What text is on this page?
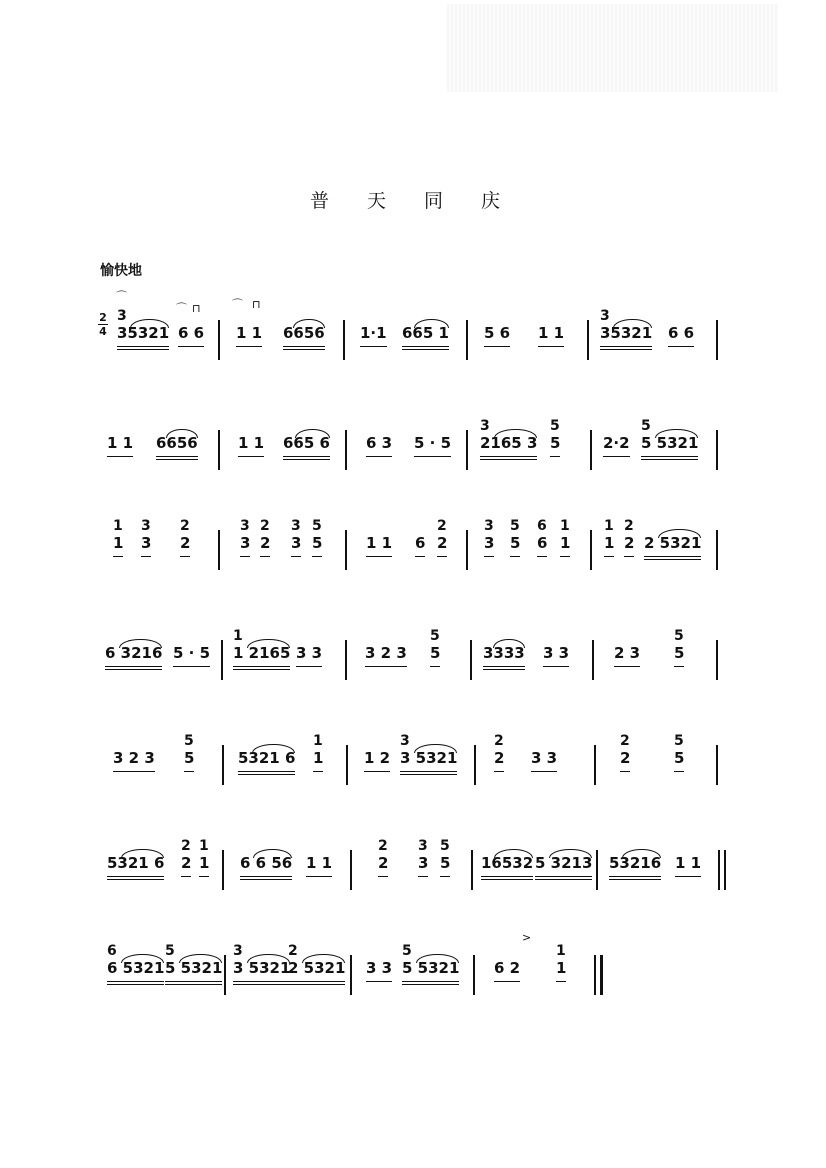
普 天 同 庆
愉快地
2
4
⌒
⊓
⌒	⌒ ⊓
>
3
35321 6 6 1 1 6656 1·1 665 1 5 6 1 1
3
35321 6 6
1 1 6656	1 1 665 6 6 3 5 · 5
3
2165 3
5
5	2·2
5
5 5321
1
1
3
3
2
2
3
3
2
2
3
3
5
5	1 1 6
2
2
3
3
5
5
6
6
1
1
1
1
2
2 2 5321
6 3216 5 · 5
1
1 2165 3 3	3 2 3
5
5	3333 3 3	2 3
5
5
3 2 3
5
5	5321 6
1
1	1 2
3
3 5321
2
2 3 3
2
2
5
5
5321 6
2
2
1
1 6 6 56 1 1
2
2
3
3
5
5 16532 5 3213 53216 1 1
6
6 5321
5
5 5321
3
3 5321
2
2 5321 3 3
5
5 5321 6 2
1
1
